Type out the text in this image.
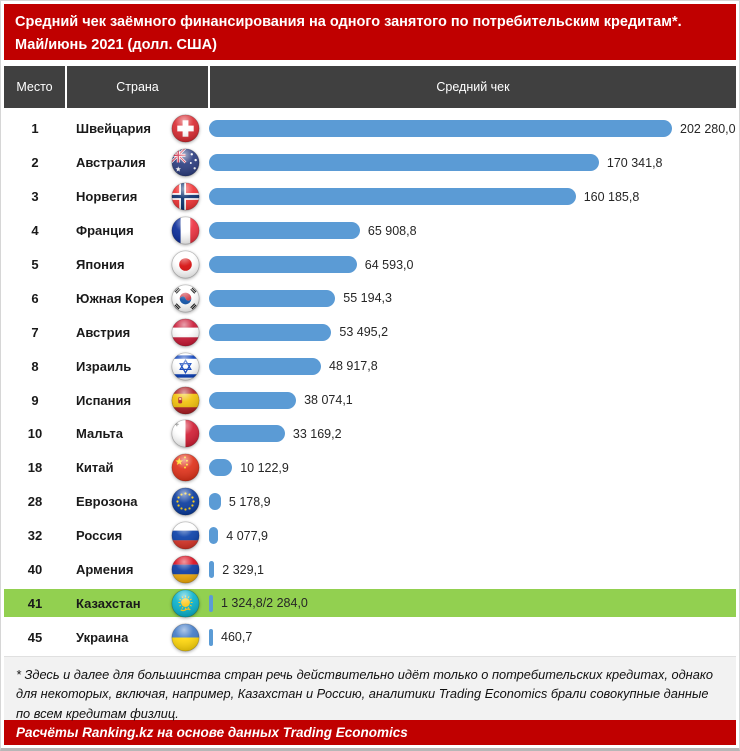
Средний чек заёмного финансирования на одного занятого по потребительским кредитам*.
Май/июнь 2021 (долл. США)
Место	Страна	Средний чек
1	Швейцария	202 280,0
2	Австралия	170 341,8
3	Норвегия	160 185,8
4	Франция	65 908,8
5	Япония	64 593,0
6	Южная Корея	55 194,3
7	Австрия	53 495,2
8	Израиль	48 917,8
9	Испания	38 074,1
10	Мальта	33 169,2
18	Китай	10 122,9
28	Еврозона	5 178,9
32	Россия	4 077,9
40	Армения	2 329,1
41	Казахстан	1 324,8/2 284,0
45	Украина	460,7
* Здесь и далее для большинства стран речь действительно идёт только о потребительских кредитах, однако для некоторых, включая, например, Казахстан и Россию, аналитики Trading Economics брали совокупные данные по всем кредитам физлиц.
Расчёты Ranking.kz на основе данных Trading Economics
